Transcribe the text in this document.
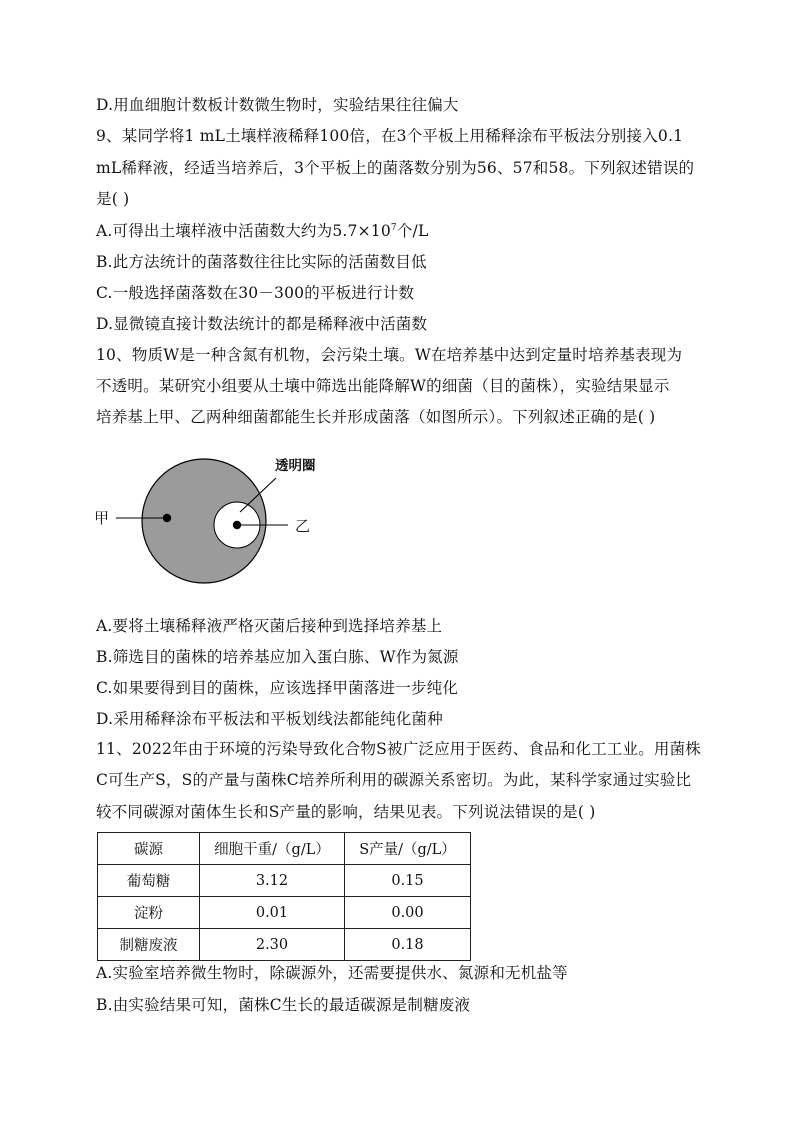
D.用血细胞计数板计数微生物时，实验结果往往偏大
9、某同学将1 mL土壤样液稀释100倍，在3个平板上用稀释涂布平板法分别接入0.1
mL稀释液，经适当培养后，3个平板上的菌落数分别为56、57和58。下列叙述错误的
是( )
A.可得出土壤样液中活菌数大约为$5.7\times 10^7$个/L
B.此方法统计的菌落数往往比实际的活菌数目低
C.一般选择菌落数在30－300的平板进行计数
D.显微镜直接计数法统计的都是稀释液中活菌数
10、物质W是一种含氮有机物，会污染土壤。W在培养基中达到定量时培养基表现为
不透明。某研究小组要从土壤中筛选出能降解W的细菌（目的菌株），实验结果显示
培养基上甲、乙两种细菌都能生长并形成菌落（如图所示）。下列叙述正确的是( )
甲	乙
透明圈
A.要将土壤稀释液严格灭菌后接种到选择培养基上
B.筛选目的菌株的培养基应加入蛋白胨、W作为氮源
C.如果要得到目的菌株，应该选择甲菌落进一步纯化
D.采用稀释涂布平板法和平板划线法都能纯化菌种
11、2022年由于环境的污染导致化合物S被广泛应用于医药、食品和化工工业。用菌株
C可生产S，S的产量与菌株C培养所利用的碳源关系密切。为此，某科学家通过实验比
较不同碳源对菌体生长和S产量的影响，结果见表。下列说法错误的是( )
碳源	细胞干重/（g/L）	S产量/（g/L）
葡萄糖	3.12	0.15
淀粉	0.01	0.00
制糖废液	2.30	0.18
A.实验室培养微生物时，除碳源外，还需要提供水、氮源和无机盐等
B.由实验结果可知，菌株C生长的最适碳源是制糖废液
